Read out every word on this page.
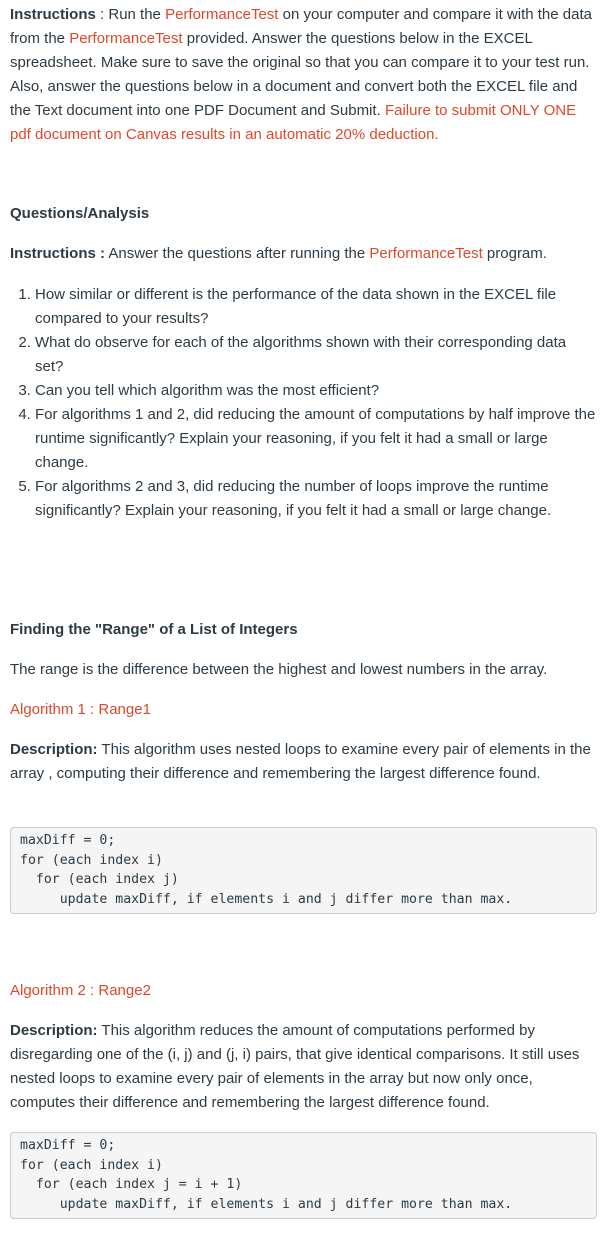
Instructions : Run the PerformanceTest on your computer and compare it with the data from the PerformanceTest provided. Answer the questions below in the EXCEL spreadsheet. Make sure to save the original so that you can compare it to your test run. Also, answer the questions below in a document and convert both the EXCEL file and the Text document into one PDF Document and Submit. Failure to submit ONLY ONE pdf document on Canvas results in an automatic 20% deduction.

Questions/Analysis

Instructions : Answer the questions after running the PerformanceTest program.

1. How similar or different is the performance of the data shown in the EXCEL file compared to your results?
2. What do observe for each of the algorithms shown with their corresponding data set?
3. Can you tell which algorithm was the most efficient?
4. For algorithms 1 and 2, did reducing the amount of computations by half improve the runtime significantly? Explain your reasoning, if you felt it had a small or large change.
5. For algorithms 2 and 3, did reducing the number of loops improve the runtime significantly? Explain your reasoning, if you felt it had a small or large change.

Finding the "Range" of a List of Integers

The range is the difference between the highest and lowest numbers in the array.

Algorithm 1 : Range1

Description: This algorithm uses nested loops to examine every pair of elements in the array , computing their difference and remembering the largest difference found.

maxDiff = 0;
for (each index i)
for (each index j)
update maxDiff, if elements i and j differ more than max.

Algorithm 2 : Range2

Description: This algorithm reduces the amount of computations performed by disregarding one of the (i, j) and (j, i) pairs, that give identical comparisons. It still uses nested loops to examine every pair of elements in the array but now only once, computes their difference and remembering the largest difference found.

maxDiff = 0;
for (each index i)
for (each index j = i + 1)
update maxDiff, if elements i and j differ more than max.
